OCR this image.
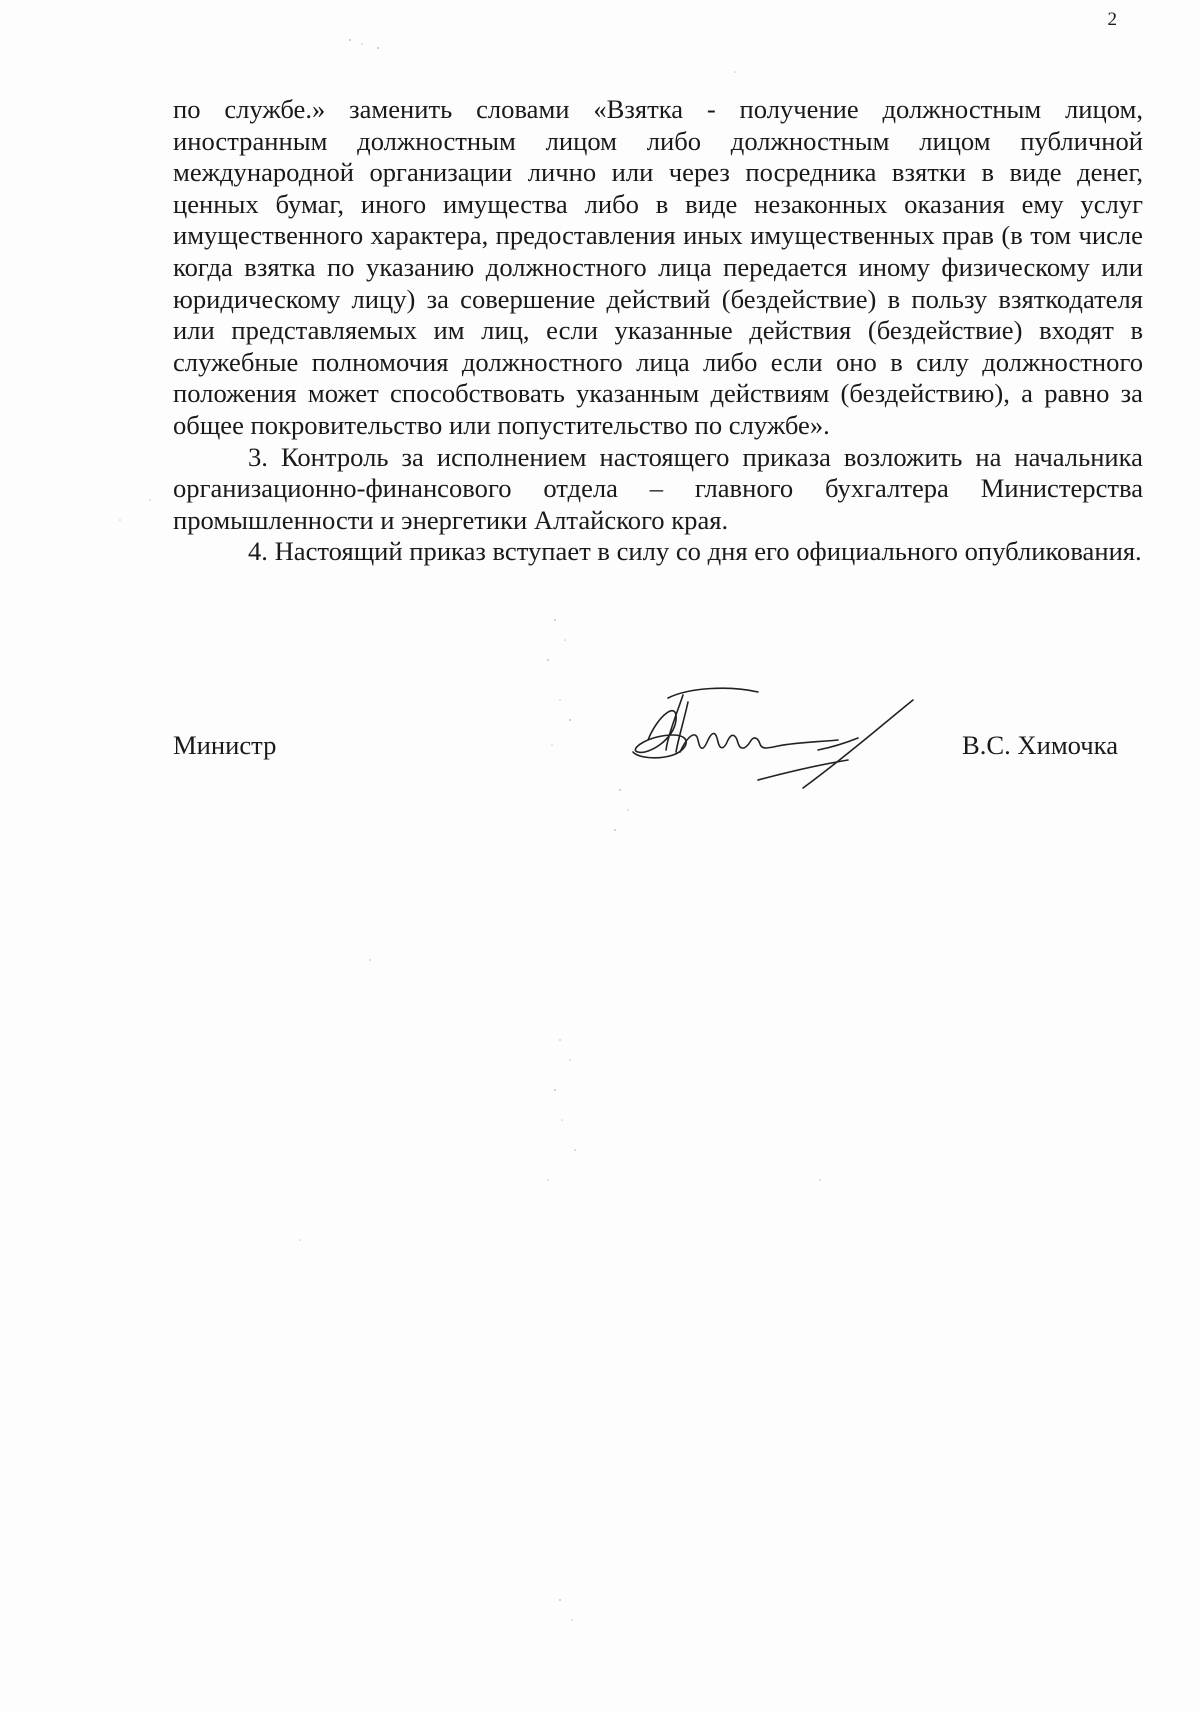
2

по службе.» заменить словами «Взятка - получение должностным лицом, иностранным должностным лицом либо должностным лицом публичной международной организации лично или через посредника взятки в виде денег, ценных бумаг, иного имущества либо в виде незаконных оказания ему услуг имущественного характера, предоставления иных имущественных прав (в том числе когда взятка по указанию должностного лица передается иному физическому или юридическому лицу) за совершение действий (бездействие) в пользу взяткодателя или представляемых им лиц, если указанные действия (бездействие) входят в служебные полномочия должностного лица либо если оно в силу должностного положения может способствовать указанным действиям (бездействию), а равно за общее покровительство или попустительство по службе».

3. Контроль за исполнением настоящего приказа возложить на начальника организационно-финансового отдела – главного бухгалтера Министерства промышленности и энергетики Алтайского края.

4. Настоящий приказ вступает в силу со дня его официального опубликования.

Министр	В.С. Химочка
